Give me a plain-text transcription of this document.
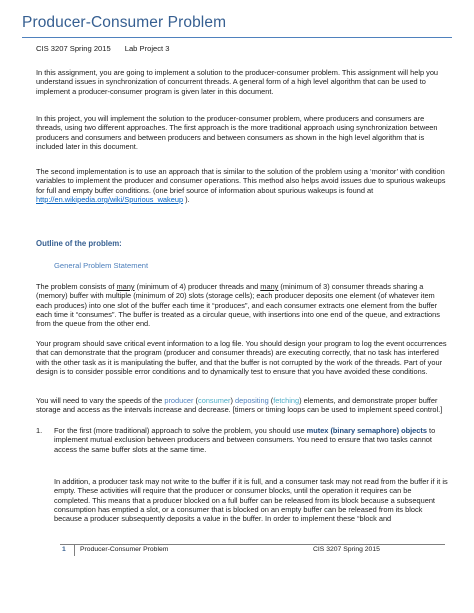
Producer-Consumer Problem
CIS 3207 Spring 2015 Lab Project 3

In this assignment, you are going to implement a solution to the producer-consumer problem. This assignment will help you understand issues in synchronization of concurrent threads. A general form of a high level algorithm that can be used to implement a producer-consumer program is given later in this document.

In this project, you will implement the solution to the producer-consumer problem, where producers and consumers are threads, using two different approaches. The first approach is the more traditional approach using synchronization between producers and consumers and between producers and between consumers as shown in the high level algorithm that is included later in this document.

The second implementation is to use an approach that is similar to the solution of the problem using a ‘monitor’ with condition variables to implement the producer and consumer operations. This method also helps avoid issues due to spurious wakeups for full and empty buffer conditions. (one brief source of information about spurious wakeups is found at http://en.wikipedia.org/wiki/Spurious_wakeup ).

Outline of the problem:
General Problem Statement

The problem consists of many (minimum of 4) producer threads and many (minimum of 3) consumer threads sharing a (memory) buffer with multiple (minimum of 20) slots (storage cells); each producer deposits one element (of whatever item each produces) into one slot of the buffer each time it “produces”, and each consumer extracts one element from the buffer each time it “consumes”. The buffer is treated as a circular queue, with insertions into one end of the queue, and extractions from the queue from the other end.

Your program should save critical event information to a log file. You should design your program to log the event occurrences that can demonstrate that the program (producer and consumer threads) are executing correctly, that no task has interfered with the other task as it is manipulating the buffer, and that the buffer is not corrupted by the work of the threads. Part of your design is to consider possible error conditions and to dynamically test to ensure that you have avoided these conditions.

You will need to vary the speeds of the producer (consumer) depositing (fetching) elements, and demonstrate proper buffer storage and access as the intervals increase and decrease. [timers or timing loops can be used to implement speed control.]

1. For the first (more traditional) approach to solve the problem, you should use mutex (binary semaphore) objects to implement mutual exclusion between producers and between consumers. You need to ensure that two tasks cannot access the same buffer slots at the same time.

In addition, a producer task may not write to the buffer if it is full, and a consumer task may not read from the buffer if it is empty. These activities will require that the producer or consumer blocks, until the operation it requires can be completed. This means that a producer blocked on a full buffer can be released from its block because a subsequent consumption has emptied a slot, or a consumer that is blocked on an empty buffer can be released from its block because a producer subsequently deposits a value in the buffer. In order to implement these “block and

1 Producer-Consumer Problem	CIS 3207 Spring 2015
